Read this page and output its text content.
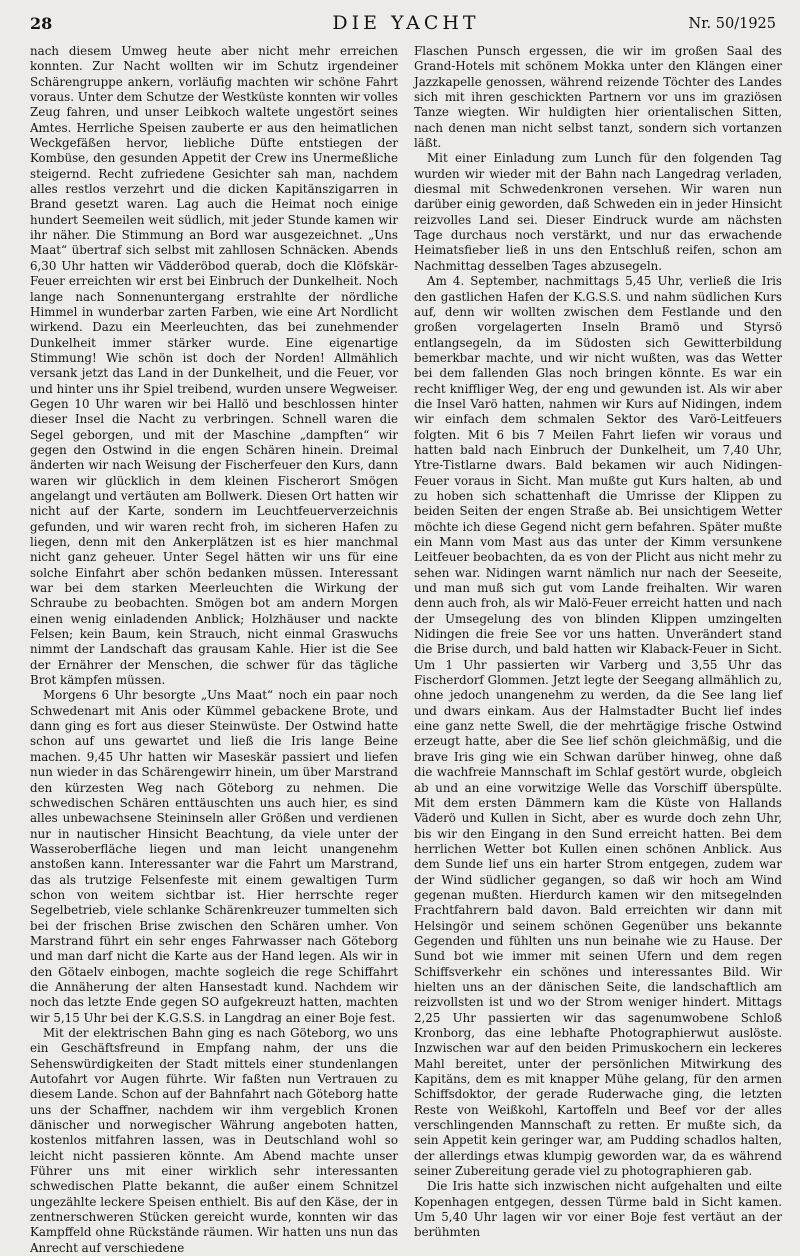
28	DIE YACHT	Nr. 50/1925

nach diesem Umweg heute aber nicht mehr erreichen konnten. Zur Nacht wollten wir im Schutz irgendeiner Schärengruppe ankern, vorläufig machten wir schöne Fahrt voraus. Unter dem Schutze der Westküste konnten wir volles Zeug fahren, und unser Leibkoch waltete ungestört seines Amtes. Herrliche Speisen zauberte er aus den heimatlichen Weckgefäßen hervor, liebliche Düfte entstiegen der Kombüse, den gesunden Appetit der Crew ins Unermeßliche steigernd. Recht zufriedene Gesichter sah man, nachdem alles restlos verzehrt und die dicken Kapitänszigarren in Brand gesetzt waren. Lag auch die Heimat noch einige hundert Seemeilen weit südlich, mit jeder Stunde kamen wir ihr näher. Die Stimmung an Bord war ausgezeichnet. „Uns Maat“ übertraf sich selbst mit zahllosen Schnäcken. Abends 6,30 Uhr hatten wir Vädderöbod querab, doch die Klöfskär-Feuer erreichten wir erst bei Einbruch der Dunkelheit. Noch lange nach Sonnenuntergang erstrahlte der nördliche Himmel in wunderbar zarten Farben, wie eine Art Nordlicht wirkend. Dazu ein Meerleuchten, das bei zunehmender Dunkelheit immer stärker wurde. Eine eigenartige Stimmung! Wie schön ist doch der Norden! Allmählich versank jetzt das Land in der Dunkelheit, und die Feuer, vor und hinter uns ihr Spiel treibend, wurden unsere Wegweiser. Gegen 10 Uhr waren wir bei Hallö und beschlossen hinter dieser Insel die Nacht zu verbringen. Schnell waren die Segel geborgen, und mit der Maschine „dampften“ wir gegen den Ostwind in die engen Schären hinein. Dreimal änderten wir nach Weisung der Fischerfeuer den Kurs, dann waren wir glücklich in dem kleinen Fischerort Smögen angelangt und vertäuten am Bollwerk. Diesen Ort hatten wir nicht auf der Karte, sondern im Leuchtfeuerverzeichnis gefunden, und wir waren recht froh, im sicheren Hafen zu liegen, denn mit den Ankerplätzen ist es hier manchmal nicht ganz geheuer. Unter Segel hätten wir uns für eine solche Einfahrt aber schön bedanken müssen. Interessant war bei dem starken Meerleuchten die Wirkung der Schraube zu beobachten. Smögen bot am andern Morgen einen wenig einladenden Anblick; Holzhäuser und nackte Felsen; kein Baum, kein Strauch, nicht einmal Graswuchs nimmt der Landschaft das grausam Kahle. Hier ist die See der Ernährer der Menschen, die schwer für das tägliche Brot kämpfen müssen.

Morgens 6 Uhr besorgte „Uns Maat“ noch ein paar noch Schwedenart mit Anis oder Kümmel gebackene Brote, und dann ging es fort aus dieser Steinwüste. Der Ostwind hatte schon auf uns gewartet und ließ die Iris lange Beine machen. 9,45 Uhr hatten wir Maseskär passiert und liefen nun wieder in das Schärengewirr hinein, um über Marstrand den kürzesten Weg nach Göteborg zu nehmen. Die schwedischen Schären enttäuschten uns auch hier, es sind alles unbewachsene Steininseln aller Größen und verdienen nur in nautischer Hinsicht Beachtung, da viele unter der Wasseroberfläche liegen und man leicht unangenehm anstoßen kann. Interessanter war die Fahrt um Marstrand, das als trutzige Felsenfeste mit einem gewaltigen Turm schon von weitem sichtbar ist. Hier herrschte reger Segelbetrieb, viele schlanke Schärenkreuzer tummelten sich bei der frischen Brise zwischen den Schären umher. Von Marstrand führt ein sehr enges Fahrwasser nach Göteborg und man darf nicht die Karte aus der Hand legen. Als wir in den Götaelv einbogen, machte sogleich die rege Schiffahrt die Annäherung der alten Hansestadt kund. Nachdem wir noch das letzte Ende gegen SO aufgekreuzt hatten, machten wir 5,15 Uhr bei der K.G.S.S. in Langdrag an einer Boje fest.

Mit der elektrischen Bahn ging es nach Göteborg, wo uns ein Geschäftsfreund in Empfang nahm, der uns die Sehenswürdigkeiten der Stadt mittels einer stundenlangen Autofahrt vor Augen führte. Wir faßten nun Vertrauen zu diesem Lande. Schon auf der Bahnfahrt nach Göteborg hatte uns der Schaffner, nachdem wir ihm vergeblich Kronen dänischer und norwegischer Währung angeboten hatten, kostenlos mitfahren lassen, was in Deutschland wohl so leicht nicht passieren könnte. Am Abend machte unser Führer uns mit einer wirklich sehr interessanten schwedischen Platte bekannt, die außer einem Schnitzel ungezählte leckere Speisen enthielt. Bis auf den Käse, der in zentnerschweren Stücken gereicht wurde, konnten wir das Kampffeld ohne Rückstände räumen. Wir hatten uns nun das Anrecht auf verschiedene

Flaschen Punsch ergessen, die wir im großen Saal des Grand-Hotels mit schönem Mokka unter den Klängen einer Jazzkapelle genossen, während reizende Töchter des Landes sich mit ihren geschickten Partnern vor uns im graziösen Tanze wiegten. Wir huldigten hier orientalischen Sitten, nach denen man nicht selbst tanzt, sondern sich vortanzen läßt.

Mit einer Einladung zum Lunch für den folgenden Tag wurden wir wieder mit der Bahn nach Langedrag verladen, diesmal mit Schwedenkronen versehen. Wir waren nun darüber einig geworden, daß Schweden ein in jeder Hinsicht reizvolles Land sei. Dieser Eindruck wurde am nächsten Tage durchaus noch verstärkt, und nur das erwachende Heimatsfieber ließ in uns den Entschluß reifen, schon am Nachmittag desselben Tages abzusegeln.

Am 4. September, nachmittags 5,45 Uhr, verließ die Iris den gastlichen Hafen der K.G.S.S. und nahm südlichen Kurs auf, denn wir wollten zwischen dem Festlande und den großen vorgelagerten Inseln Bramö und Styrsö entlangsegeln, da im Südosten sich Gewitterbildung bemerkbar machte, und wir nicht wußten, was das Wetter bei dem fallenden Glas noch bringen könnte. Es war ein recht kniffliger Weg, der eng und gewunden ist. Als wir aber die Insel Varö hatten, nahmen wir Kurs auf Nidingen, indem wir einfach dem schmalen Sektor des Varö-Leitfeuers folgten. Mit 6 bis 7 Meilen Fahrt liefen wir voraus und hatten bald nach Einbruch der Dunkelheit, um 7,40 Uhr, Ytre-Tistlarne dwars. Bald bekamen wir auch Nidingen-Feuer voraus in Sicht. Man mußte gut Kurs halten, ab und zu hoben sich schattenhaft die Umrisse der Klippen zu beiden Seiten der engen Straße ab. Bei unsichtigem Wetter möchte ich diese Gegend nicht gern befahren. Später mußte ein Mann vom Mast aus das unter der Kimm versunkene Leitfeuer beobachten, da es von der Plicht aus nicht mehr zu sehen war. Nidingen warnt nämlich nur nach der Seeseite, und man muß sich gut vom Lande freihalten. Wir waren denn auch froh, als wir Malö-Feuer erreicht hatten und nach der Umsegelung des von blinden Klippen umzingelten Nidingen die freie See vor uns hatten. Unverändert stand die Brise durch, und bald hatten wir Klaback-Feuer in Sicht. Um 1 Uhr passierten wir Varberg und 3,55 Uhr das Fischerdorf Glommen. Jetzt legte der Seegang allmählich zu, ohne jedoch unangenehm zu werden, da die See lang lief und dwars einkam. Aus der Halmstadter Bucht lief indes eine ganz nette Swell, die der mehrtägige frische Ostwind erzeugt hatte, aber die See lief schön gleichmäßig, und die brave Iris ging wie ein Schwan darüber hinweg, ohne daß die wachfreie Mannschaft im Schlaf gestört wurde, obgleich ab und an eine vorwitzige Welle das Vorschiff überspülte. Mit dem ersten Dämmern kam die Küste von Hallands Väderö und Kullen in Sicht, aber es wurde doch zehn Uhr, bis wir den Eingang in den Sund erreicht hatten. Bei dem herrlichen Wetter bot Kullen einen schönen Anblick. Aus dem Sunde lief uns ein harter Strom entgegen, zudem war der Wind südlicher gegangen, so daß wir hoch am Wind gegenan mußten. Hierdurch kamen wir den mitsegelnden Frachtfahrern bald davon. Bald erreichten wir dann mit Helsingör und seinem schönen Gegenüber uns bekannte Gegenden und fühlten uns nun beinahe wie zu Hause. Der Sund bot wie immer mit seinen Ufern und dem regen Schiffsverkehr ein schönes und interessantes Bild. Wir hielten uns an der dänischen Seite, die landschaftlich am reizvollsten ist und wo der Strom weniger hindert. Mittags 2,25 Uhr passierten wir das sagenumwobene Schloß Kronborg, das eine lebhafte Photographierwut auslöste. Inzwischen war auf den beiden Primuskochern ein leckeres Mahl bereitet, unter der persönlichen Mitwirkung des Kapitäns, dem es mit knapper Mühe gelang, für den armen Schiffsdoktor, der gerade Ruderwache ging, die letzten Reste von Weißkohl, Kartoffeln und Beef vor der alles verschlingenden Mannschaft zu retten. Er mußte sich, da sein Appetit kein geringer war, am Pudding schadlos halten, der allerdings etwas klumpig geworden war, da es während seiner Zubereitung gerade viel zu photographieren gab.

Die Iris hatte sich inzwischen nicht aufgehalten und eilte Kopenhagen entgegen, dessen Türme bald in Sicht kamen. Um 5,40 Uhr lagen wir vor einer Boje fest vertäut an der berühmten
